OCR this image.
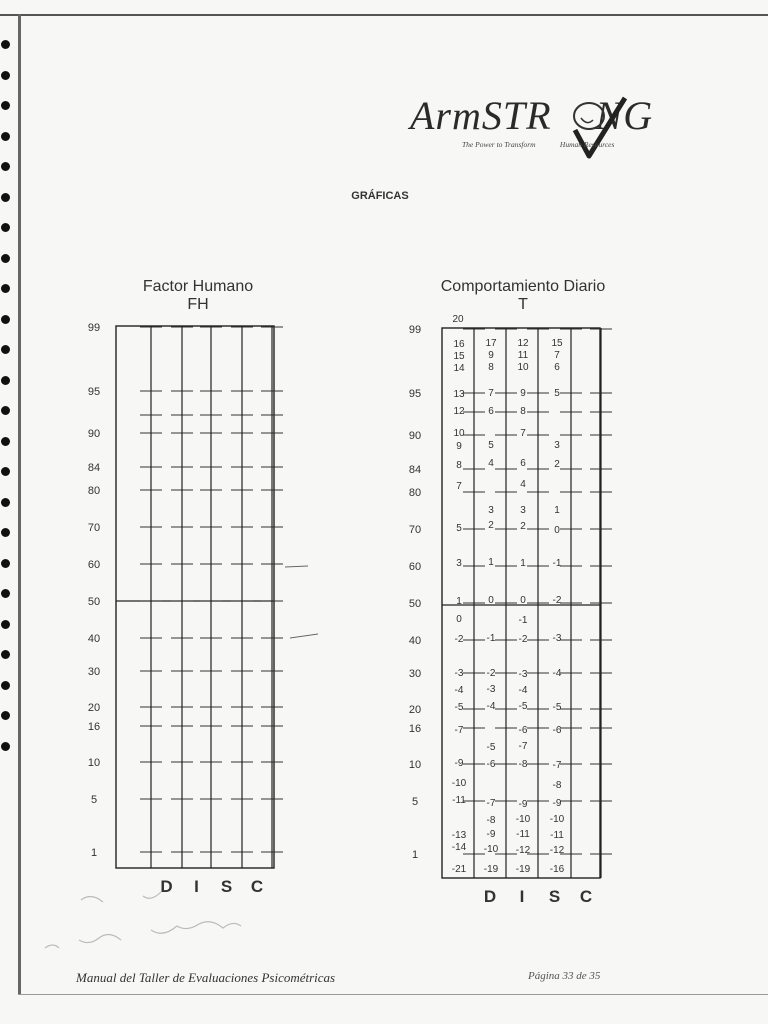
ArmSTR    NG
The Power to Transform             Human Resources
GRÁFICAS
Factor Humano
FH
Comportamiento Diario
T
99
95
90
84
80
70
60
50
40
30
20
16
10
5
1
D I S C
99
95
90
84
80
70
60
50
40
30
20
16
10
5
1
D I S C
20
16
15
14
13
12
10
9
8
7
5
3
1
0
-2
-3
-4
-5
-7
-9
-10
-11
-13
-14
-21
17
9
8
7
6
5
4
3
2
1
0
-1
-2
-3
-4
-5
-6
-7
-8
-9
-10
-19
12
11
10
9
8
7
6
4
3
2
1
0
-1
-2
-3
-4
-5
-6
-7
-8
-9
-10
-11
-12
-19
15
7
6
5
3
2
1
0
-1
-2
-3
-4
-5
-6
-7
-8
-9
-10
-11
-12
-16
Manual del Taller de Evaluaciones Psicométricas	Página 33 de 35
